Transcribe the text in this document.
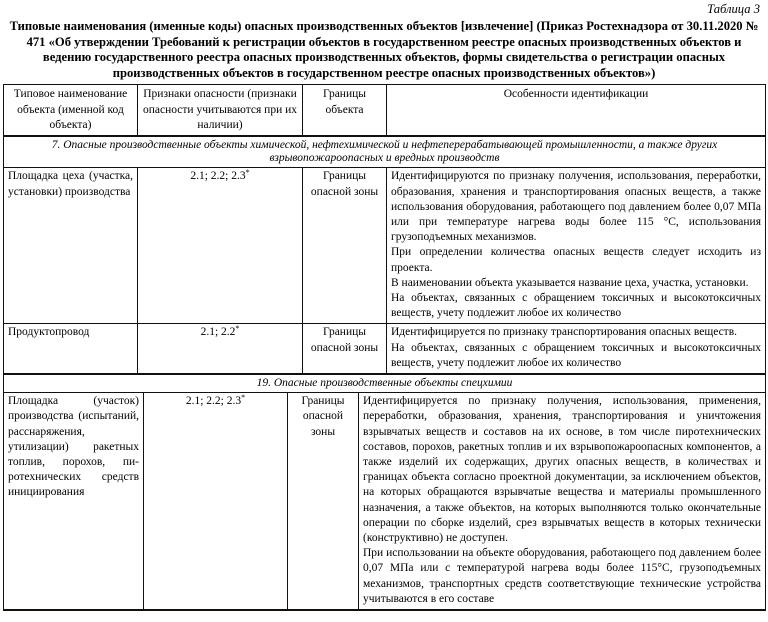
Таблица 3
Типовые наименования (именные коды) опасных производственных объектов [извлечение] (Приказ Ростехнадзора от 30.11.2020 № 471 «Об утверждении Требований к регистрации объектов в государственном реестре опасных производственных объектов и ведению государственного реестра опасных производственных объектов, формы свидетельства о регистрации опасных производственных объектов в государственном реестре опасных производственных объектов»)
Типовое наименование объекта (именной код объекта)	Признаки опасности (признаки опасности учитываются при их наличии)	Границы объекта	Особенности идентификации
7. Опасные производственные объекты химической, нефтехимической и нефтеперерабатывающей промышленности, а также других взрывопожароопасных и вредных производств			
Площадка цеха (участка, установки) производства	2.1; 2.2; 2.3*	Границы опасной зоны	Идентифицируются по признаку получения, использования, переработки, образования, хранения и транспортирования опасных веществ, а также использования оборудования, работающего под давлением более 0,07 МПа или при температуре нагрева воды более 115 °С, использования грузоподъемных механизмов.

При определении количества опасных веществ следует исходить из проекта.

В наименовании объекта указывается название цеха, участка, установки.

На объектах, связанных с обращением токсичных и высокотоксичных веществ, учету подлежит любое их количество

Продуктопровод	2.1; 2.2*	Границы опасной зоны	Идентифицируется по признаку транспортирования опасных веществ.

На объектах, связанных с обращением токсичных и высокотоксичных веществ, учету подлежит любое их количество

19. Опасные производственные объекты спецхимии
Площадка (участок) производства (испытаний, расснаряжения, утилизации) ракетных топлив, порохов, пиротехнических средств инициирования	2.1; 2.2; 2.3*	Границы опасной зоны	

Идентифицируется по признаку получения, использования, применения, переработки, образования, хранения, транспортирования и уничтожения взрывчатых веществ и составов на их основе, в том числе пиротехнических составов, порохов, ракетных топлив и их взрывопожароопасных компонентов, а также изделий их содержащих, других опасных веществ, в количествах и границах объекта согласно проектной документации, за исключением объектов, на которых обращаются взрывчатые вещества и материалы промышленного назначения, а также объектов, на которых выполняются только окончательные операции по сборке изделий, срез взрывчатых веществ в которых технически (конструктивно) не доступен.

При использовании на объекте оборудования, работающего под давлением более 0,07 МПа или с температурой нагрева воды более 115°С, грузоподъемных механизмов, транспортных средств соответствующие технические устройства учитываются в его составе
